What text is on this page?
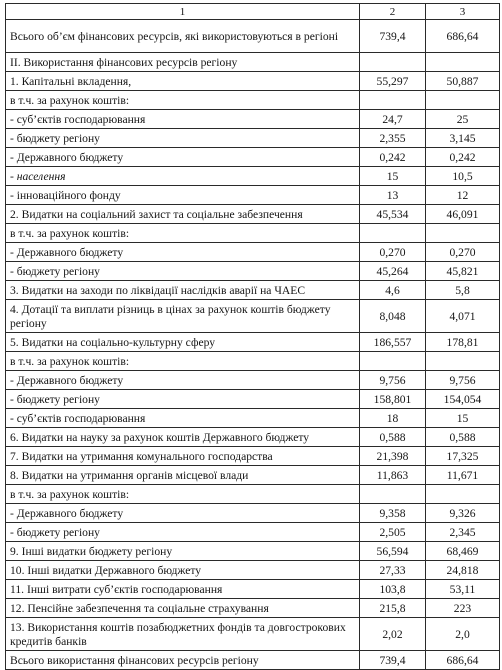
1	2	3
Всього об’єм фінансових ресурсів, які використовуються в регіоні	739,4	686,64
II. Використання фінансових ресурсів регіону		
1. Капітальні вкладення,	55,297	50,887
в т.ч. за рахунок коштів:		
- суб’єктів господарювання	24,7	25
- бюджету регіону	2,355	3,145
- Державного бюджету	0,242	0,242
- населення	15	10,5
- інноваційного фонду	13	12
2. Видатки на соціальний захист та соціальне забезпечення	45,534	46,091
в т.ч. за рахунок коштів:		
- Державного бюджету	0,270	0,270
- бюджету регіону	45,264	45,821
3. Видатки на заходи по ліквідації наслідків аварії на ЧАЕС	4,6	5,8
4. Дотації та виплати різниць в цінах за рахунок коштів бюджету регіону	8,048	4,071
5. Видатки на соціально-культурну сферу	186,557	178,81
в т.ч. за рахунок коштів:		
- Державного бюджету	9,756	9,756
- бюджету регіону	158,801	154,054
- суб’єктів господарювання	18	15
6. Видатки на науку за рахунок коштів Державного бюджету	0,588	0,588
7. Видатки на утримання комунального господарства	21,398	17,325
8. Видатки на утримання органів місцевої влади	11,863	11,671
в т.ч. за рахунок коштів:		
- Державного бюджету	9,358	9,326
- бюджету регіону	2,505	2,345
9. Інші видатки бюджету регіону	56,594	68,469
10. Інші видатки Державного бюджету	27,33	24,818
11. Інші витрати суб’єктів господарювання	103,8	53,11
12. Пенсійне забезпечення та соціальне страхування	215,8	223
13. Використання коштів позабюджетних фондів та довгострокових кредитів банків	2,02	2,0
Всього використання фінансових ресурсів регіону	739,4	686,64
